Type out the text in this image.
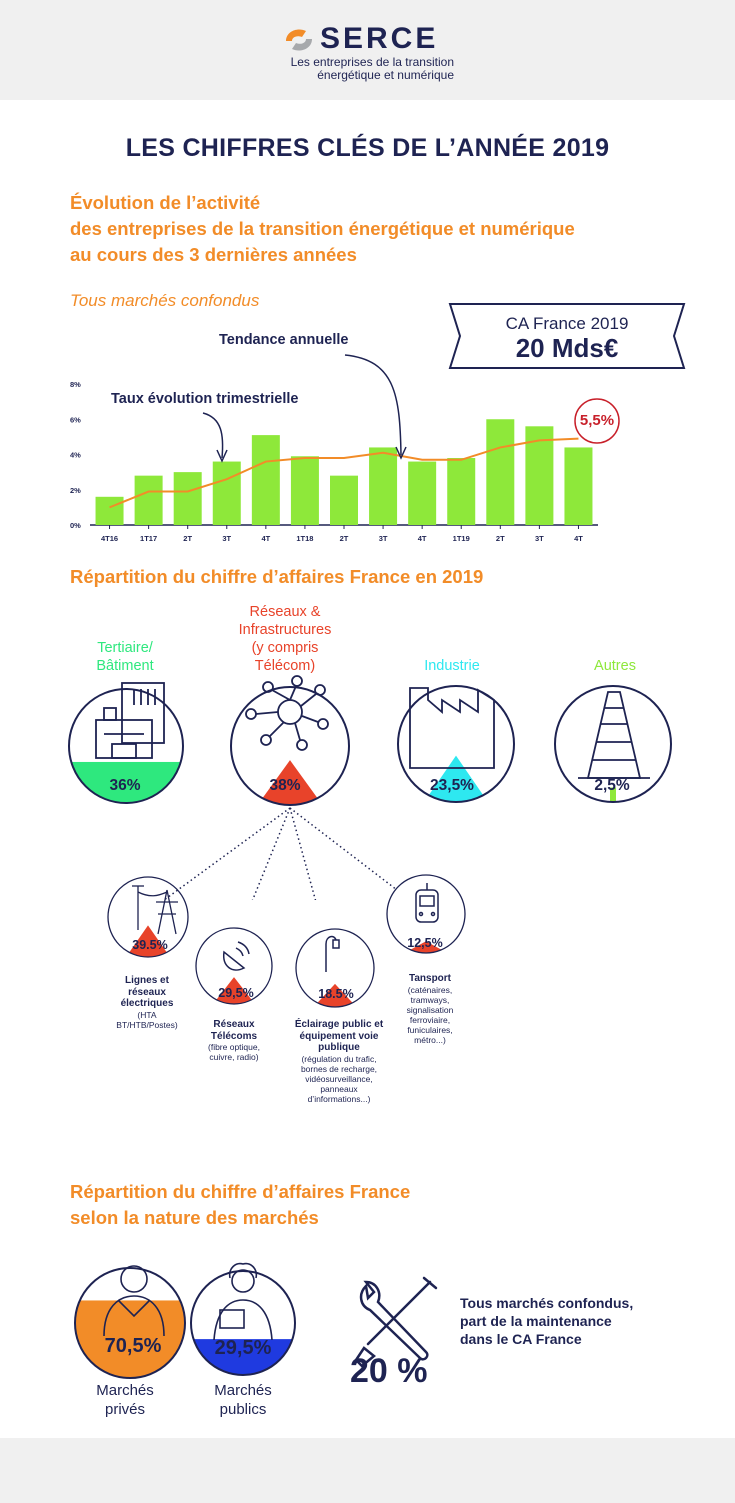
SERCE
Les entreprises de la transition
énergétique et numérique
LES CHIFFRES CLÉS DE L’ANNÉE 2019
Évolution de l’activité
des entreprises de la transition énergétique et numérique
au cours des 3 dernières années
Tous marchés confondus
CA France 2019
20 Mds€
4T16	1T17	2T	3T	4T	1T18	2T	3T	4T	1T19	2T	3T	4T
0%
2%
4%
6%
8%
Tendance annuelle
Taux évolution trimestrielle
5,5%
Répartition du chiffre d’affaires France en 2019
Tertiaire/
Bâtiment
Réseaux &
Infrastructures
(y compris
Télécom)	Industrie	Autres
36%	38%	23,5%	2,5%
39.5%
29,5%	18.5%
12,5%
Lignes et réseaux électriques
(HTA BT/HTB/Postes)	Réseaux Télécoms
(fibre optique, cuivre, radio)
Éclairage public et équipement voie publique
(régulation du trafic, bornes de recharge, vidéosurveillance, panneaux d’informations...)
Tansport
(caténaires, tramways, signalisation ferroviaire, funiculaires, métro...)
Répartition du chiffre d’affaires France
selon la nature des marchés
70,5%	29,5%
Marchés
privés
Marchés
publics
Tous marchés confondus,
part de la maintenance
dans le CA France
20 %
